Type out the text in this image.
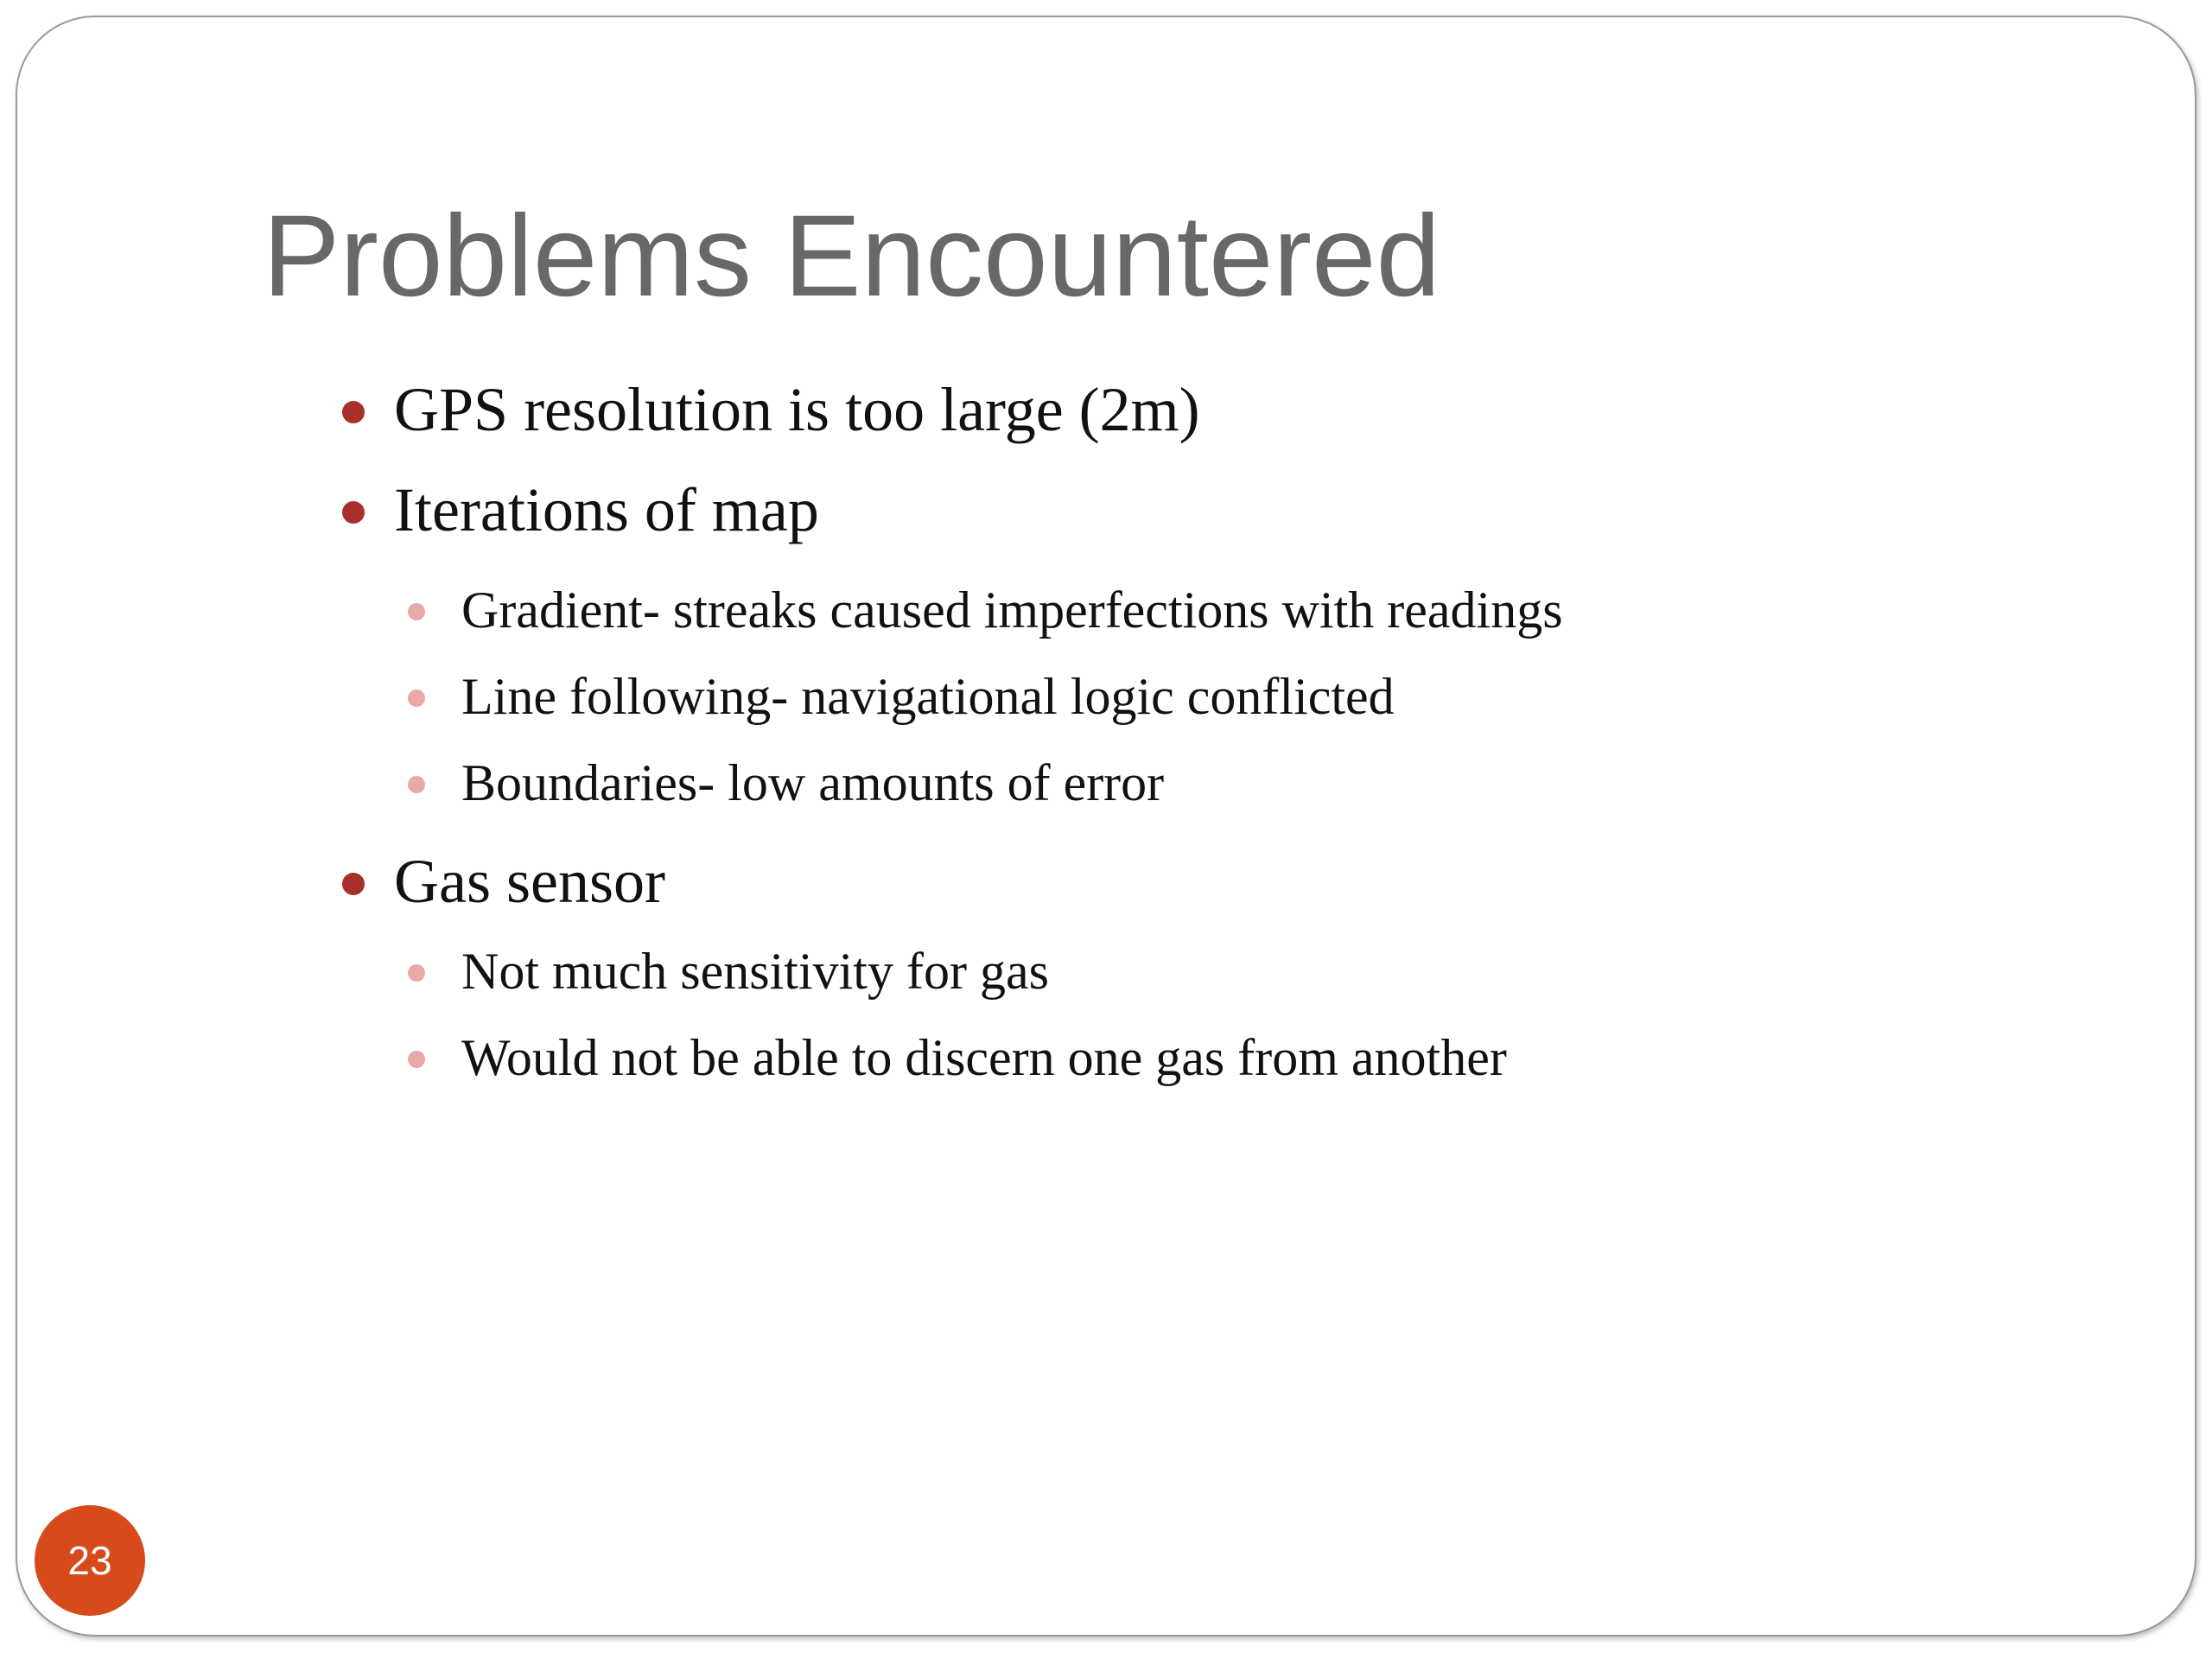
Problems Encountered
GPS resolution is too large (2m)
Iterations of map
Gradient- streaks caused imperfections with readings
Line following- navigational logic conflicted
Boundaries- low amounts of error
Gas sensor
Not much sensitivity for gas
Would not be able to discern one gas from another
23
